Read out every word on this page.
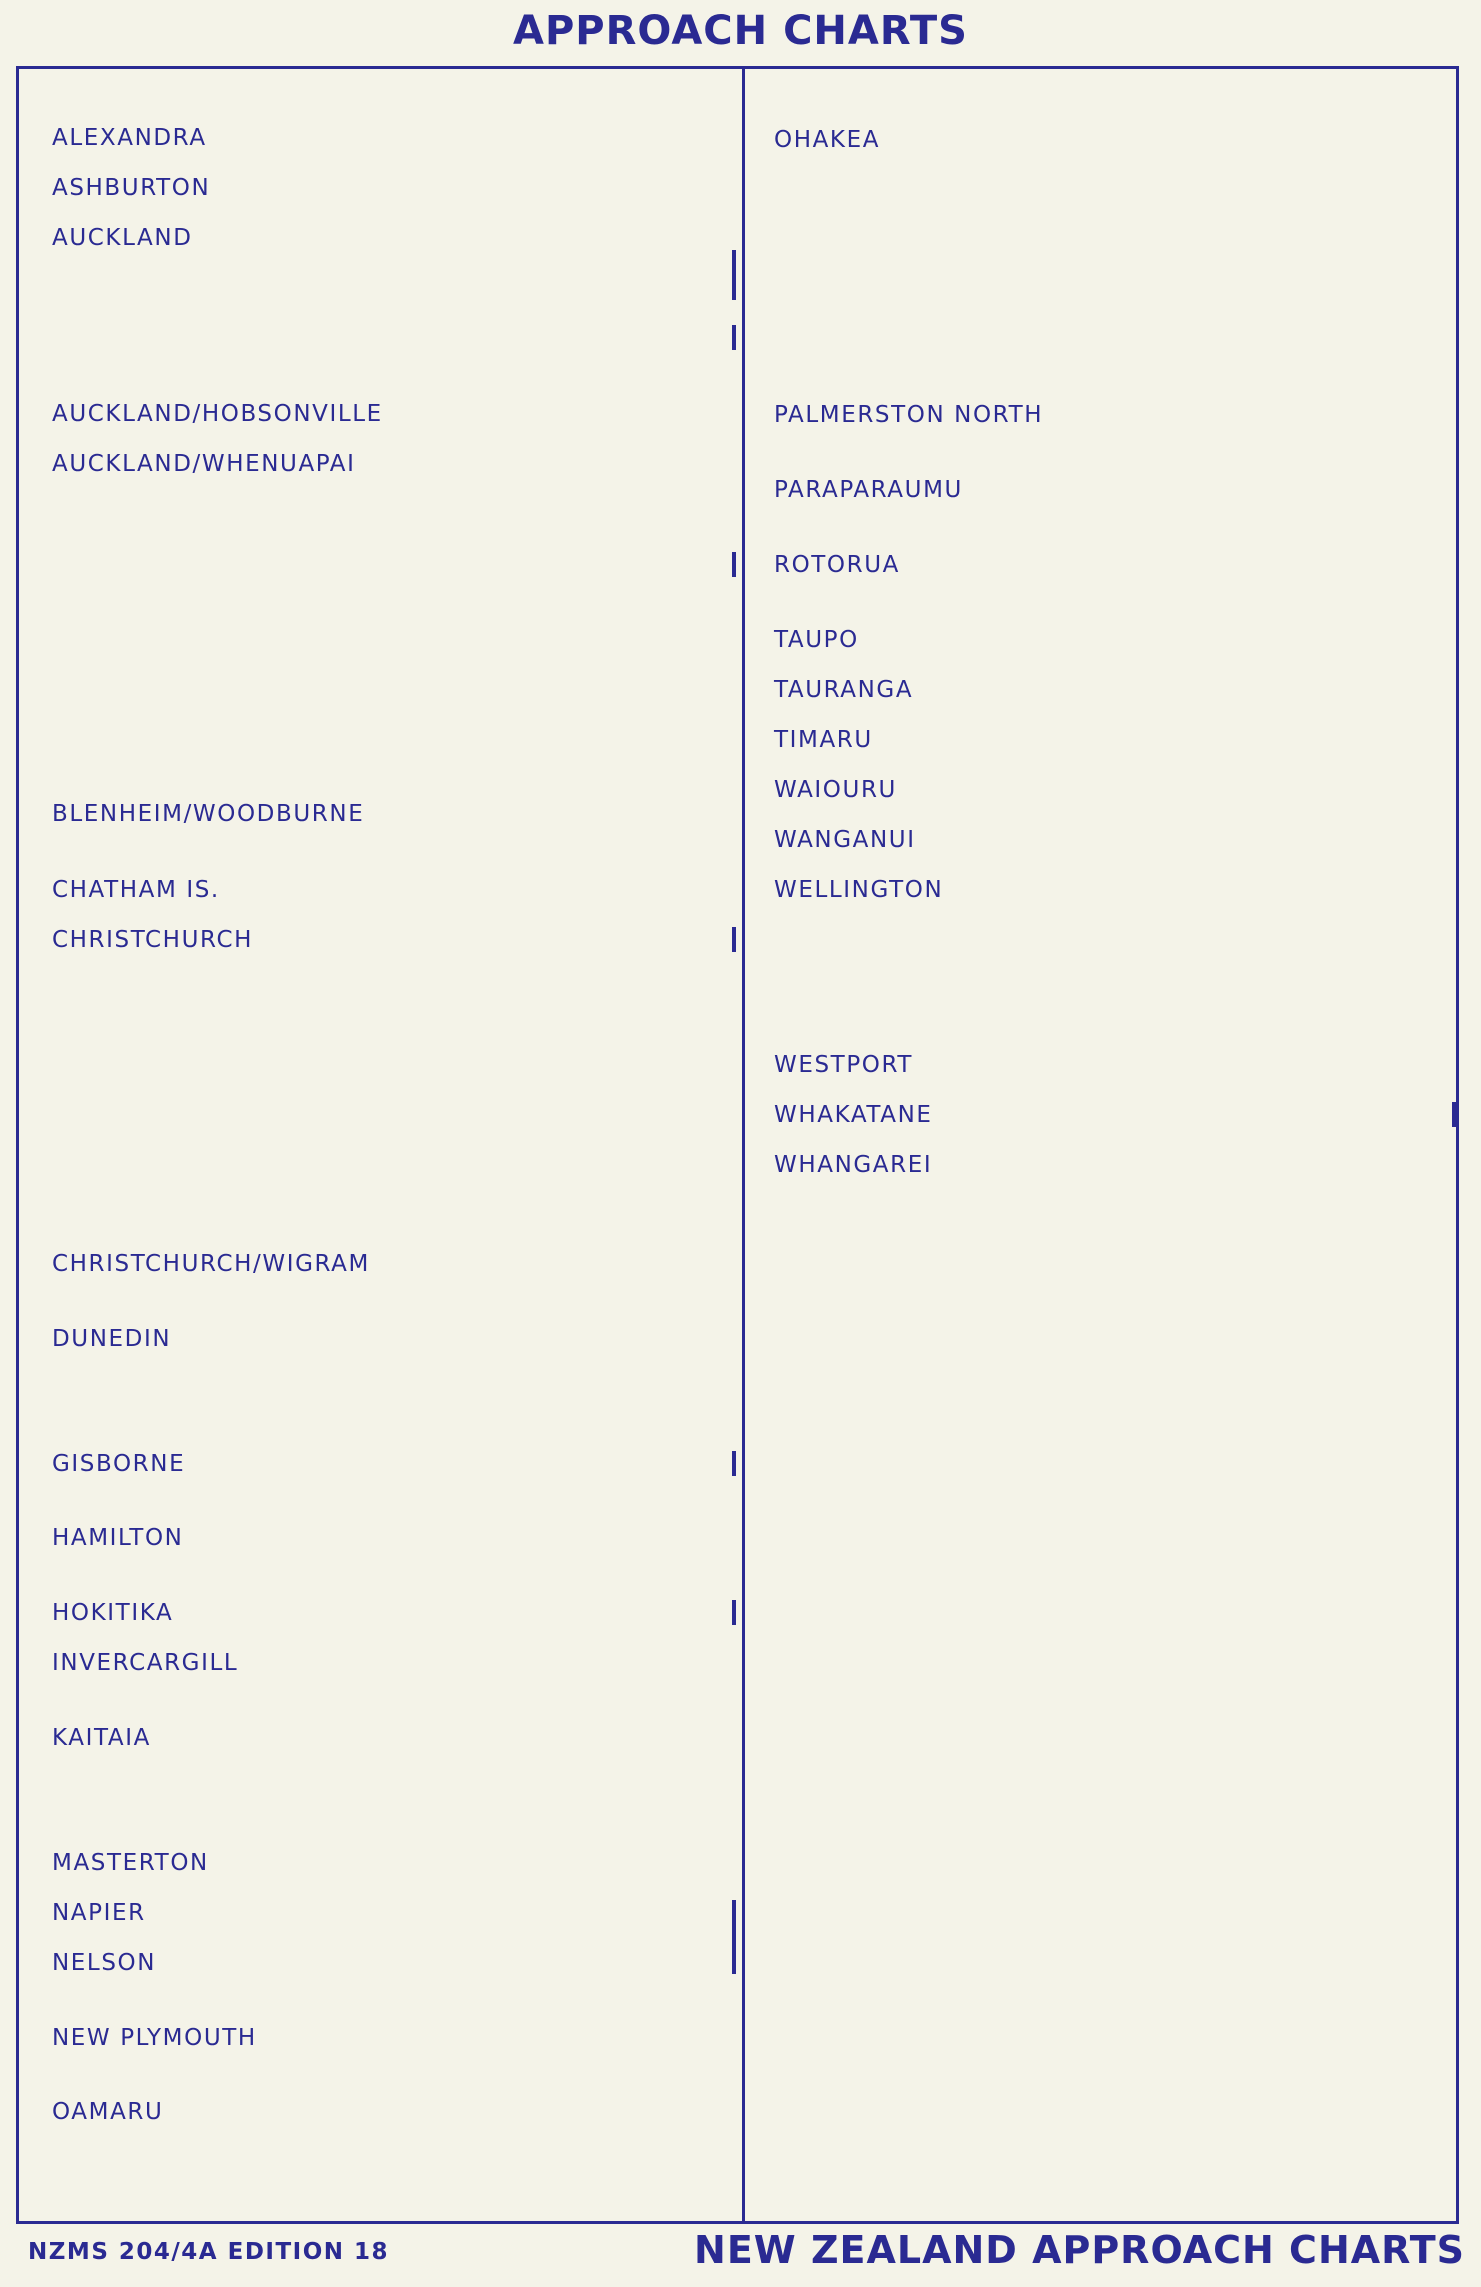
APPROACH CHARTS
ALEXANDRA
ASHBURTON
AUCKLAND
AUCKLAND/HOBSONVILLE
AUCKLAND/WHENUAPAI
BLENHEIM/WOODBURNE
CHATHAM IS.
CHRISTCHURCH
CHRISTCHURCH/WIGRAM
DUNEDIN
GISBORNE
HAMILTON
HOKITIKA
INVERCARGILL
KAITAIA
MASTERTON
NAPIER
NELSON
NEW PLYMOUTH
OAMARU
OHAKEA
PALMERSTON NORTH
PARAPARAUMU
ROTORUA
TAUPO
TAURANGA
TIMARU
WAIOURU
WANGANUI
WELLINGTON
WESTPORT
WHAKATANE
WHANGAREI
NZMS 204/4A EDITION 18	NEW ZEALAND APPROACH CHARTS
